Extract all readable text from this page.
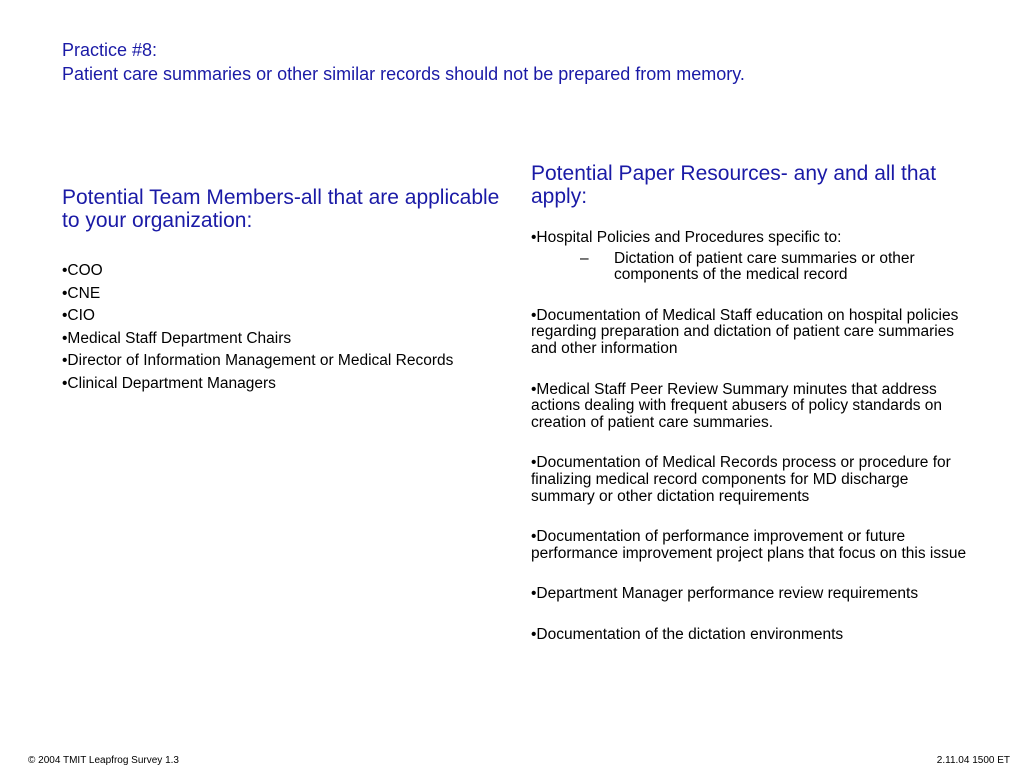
Practice #8:
Patient care summaries or other similar records should not be prepared from memory.
Potential Team Members-all that are applicable to your organization:
•COO
•CNE
•CIO
•Medical Staff Department Chairs
•Director of Information Management or Medical Records
•Clinical Department Managers
Potential Paper Resources- any and all that apply:
•Hospital Policies and Procedures specific to:
– Dictation of patient care summaries or other components of the medical record
•Documentation of Medical Staff education on hospital policies regarding preparation and dictation of patient care summaries and other information
•Medical Staff Peer Review Summary minutes that address actions dealing with frequent abusers of policy standards on creation of patient care summaries.
•Documentation of Medical Records process or procedure for finalizing medical record components for MD discharge summary or other dictation requirements
•Documentation of performance improvement or future performance improvement project plans that focus on this issue
•Department Manager performance review requirements
•Documentation of the dictation environments
© 2004 TMIT Leapfrog Survey 1.3	2.11.04 1500 ET
